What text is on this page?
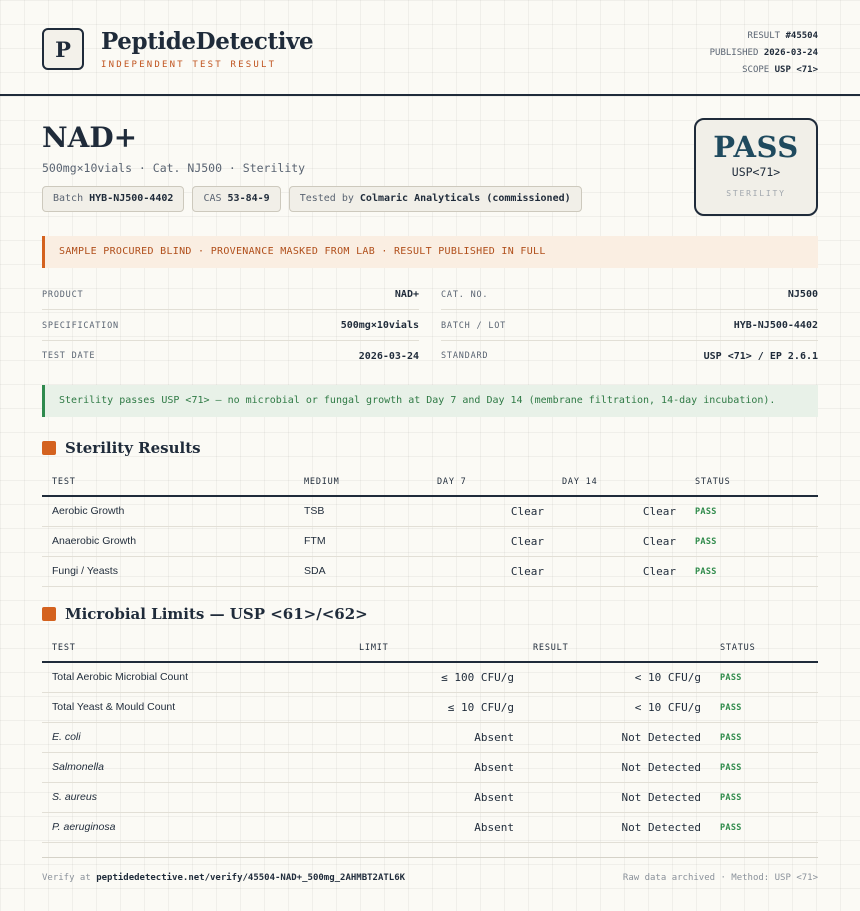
P	PeptideDetective
INDEPENDENT TEST RESULT
RESULT #45504
PUBLISHED 2026-03-24
SCOPE USP <71>
NAD+
500mg×10vials · Cat. NJ500 · Sterility
Batch HYB-NJ500-4402	CAS 53-84-9	Tested by Colmaric Analyticals (commissioned)
PASS
USP<71>
STERILITY
SAMPLE PROCURED BLIND · PROVENANCE MASKED FROM LAB · RESULT PUBLISHED IN FULL
PRODUCT	NAD+	CAT. NO.	NJ500
SPECIFICATION	500mg×10vials	BATCH / LOT	HYB-NJ500-4402
TEST DATE	2026-03-24	STANDARD	USP <71> / EP 2.6.1
Sterility passes USP <71> — no microbial or fungal growth at Day 7 and Day 14 (membrane filtration, 14-day incubation).
Sterility Results
TEST	MEDIUM	DAY 7	DAY 14	STATUS
Aerobic Growth	TSB	Clear	Clear PASS
Anaerobic Growth	FTM	Clear	Clear PASS
Fungi / Yeasts	SDA	Clear	Clear PASS
Microbial Limits — USP <61>/<62>
TEST	LIMIT	RESULT	STATUS
Total Aerobic Microbial Count	≤ 100 CFU/g	< 10 CFU/g PASS
Total Yeast & Mould Count	≤ 10 CFU/g	< 10 CFU/g PASS
E. coli	Absent	Not Detected PASS
Salmonella	Absent	Not Detected PASS
S. aureus	Absent	Not Detected PASS
P. aeruginosa	Absent	Not Detected PASS
Verify at peptidedetective.net/verify/45504-NAD+_500mg_2AHMBT2ATL6K	Raw data archived · Method: USP <71>
